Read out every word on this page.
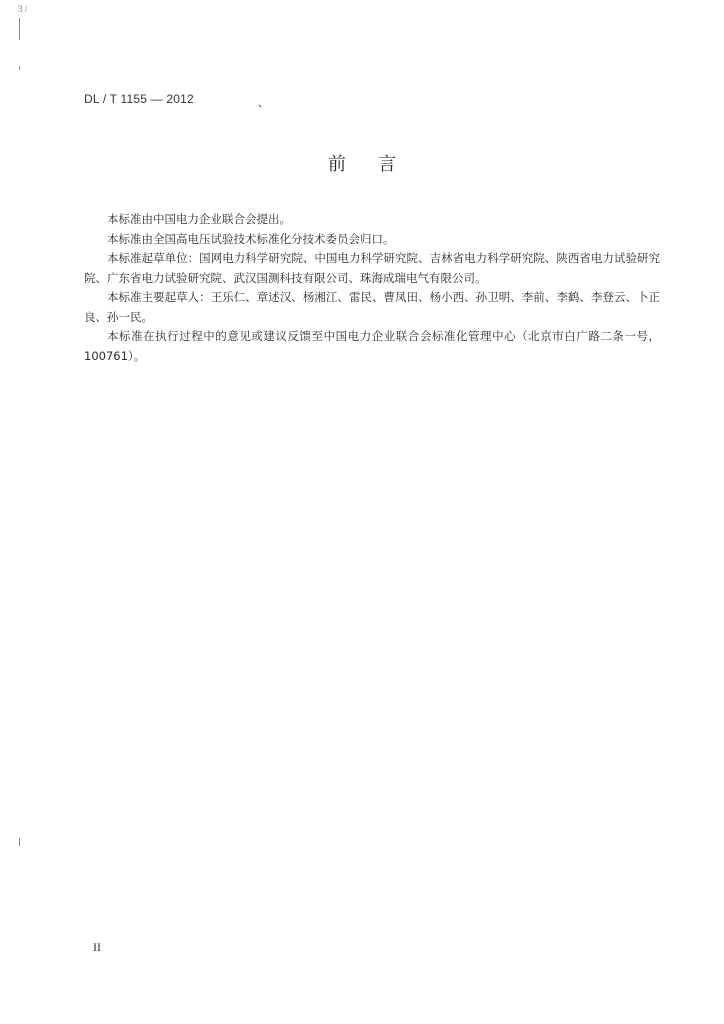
3 /
DL / T 1155 — 2012	、
前言

本标准由中国电力企业联合会提出。

本标准由全国高电压试验技术标准化分技术委员会归口。

本标准起草单位：国网电力科学研究院、中国电力科学研究院、吉林省电力科学研究院、陕西省电力试验研究院、广东省电力试验研究院、武汉国测科技有限公司、珠海成瑞电气有限公司。

本标准主要起草人：王乐仁、章述汉、杨湘江、雷民、曹凤田、杨小西、孙卫明、李前、李鹤、李登云、卜正良、孙一民。

本标准在执行过程中的意见或建议反馈至中国电力企业联合会标准化管理中心（北京市白广路二条一号，100761）。

II
